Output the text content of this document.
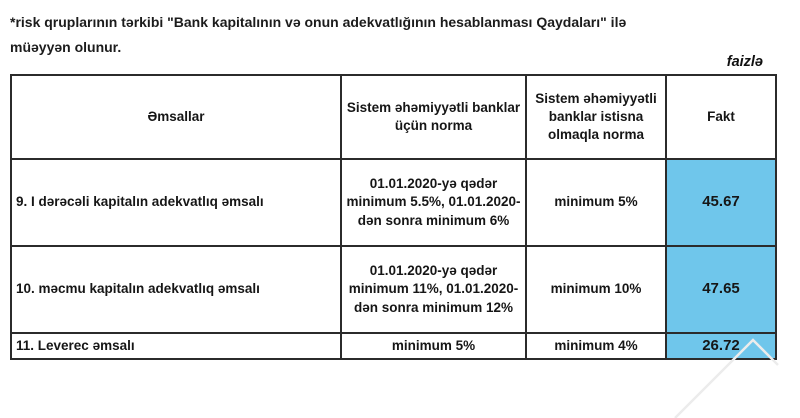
*risk qruplarının tərkibi "Bank kapitalının və onun adekvatlığının hesablanması Qaydaları" ilə müəyyən olunur.

faizlə
Əmsallar	Sistem əhəmiyyətli banklar üçün norma	Sistem əhəmiyyətli banklar istisna olmaqla norma	Fakt
9. I dərəcəli kapitalın adekvatlıq əmsalı	01.01.2020-yə qədər minimum 5.5%, 01.01.2020-dən sonra minimum 6%	minimum 5%	45.67
10. məcmu kapitalın adekvatlıq əmsalı	01.01.2020-yə qədər minimum 11%, 01.01.2020-dən sonra minimum 12%	minimum 10%	47.65
11. Leverec əmsalı	minimum 5%	minimum 4%	26.72
